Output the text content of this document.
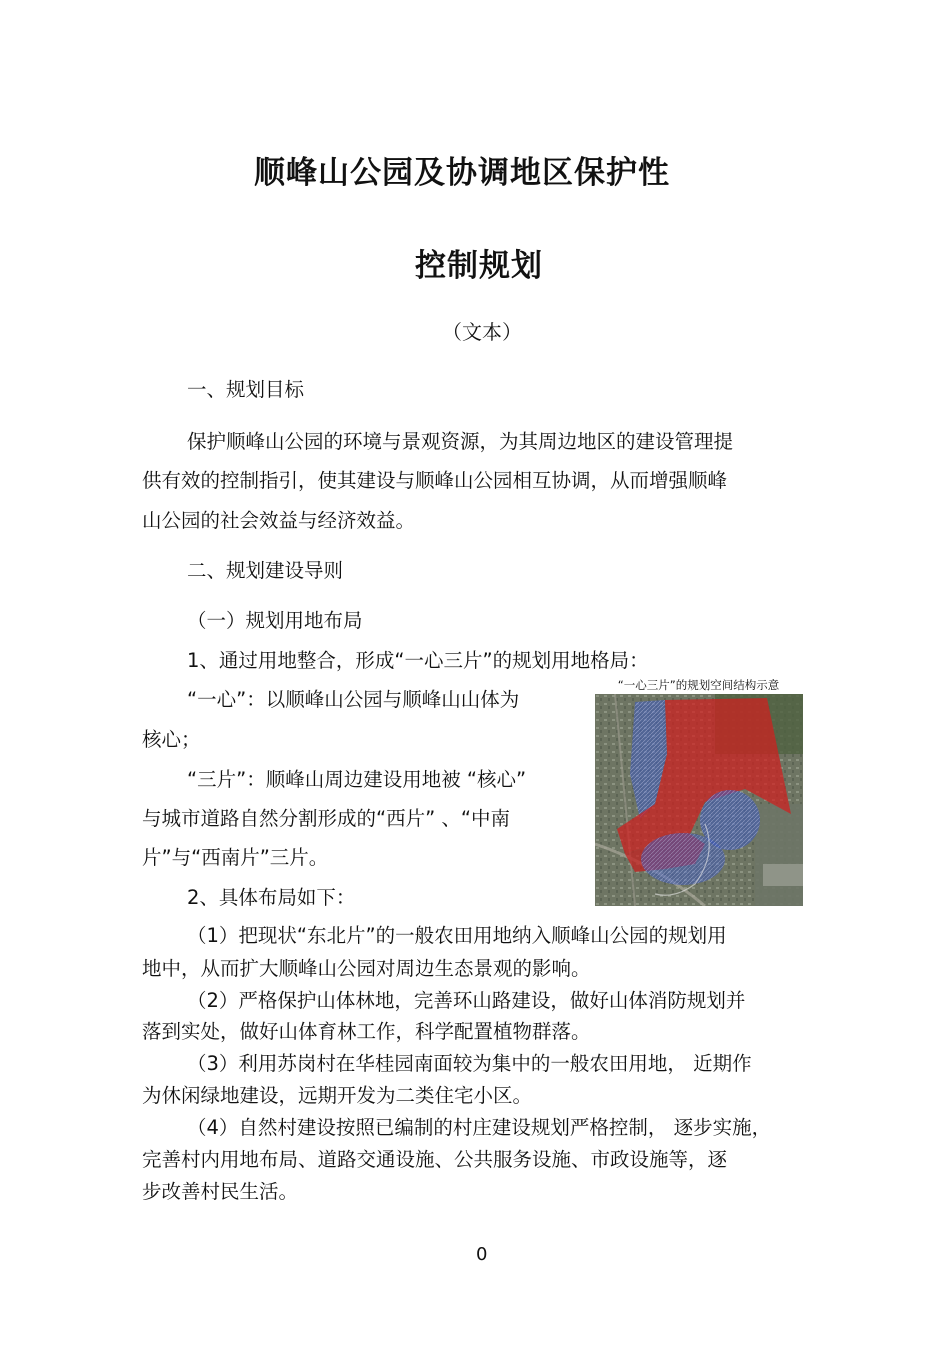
顺峰山公园及协调地区保护性
控制规划

（文本）

一、规划目标

保护顺峰山公园的环境与景观资源，为其周边地区的建设管理提

供有效的控制指引，使其建设与顺峰山公园相互协调，从而增强顺峰

山公园的社会效益与经济效益。

二、规划建设导则

（一）规划用地布局

1、通过用地整合，形成“一心三片”的规划用地格局：

“一心”：以顺峰山公园与顺峰山山体为

核心；

“三片”：顺峰山周边建设用地被 “核心”

与城市道路自然分割形成的“西片” 、“中南

片”与“西南片”三片。

2、具体布局如下：

（1）把现状“东北片”的一般农田用地纳入顺峰山公园的规划用

地中，从而扩大顺峰山公园对周边生态景观的影响。

（2）严格保护山体林地，完善环山路建设，做好山体消防规划并

落到实处，做好山体育林工作，科学配置植物群落。

（3）利用苏岗村在华桂园南面较为集中的一般农田用地， 近期作

为休闲绿地建设，远期开发为二类住宅小区。

（4）自然村建设按照已编制的村庄建设规划严格控制， 逐步实施，

完善村内用地布局、道路交通设施、公共服务设施、市政设施等，逐

步改善村民生活。

“一心三片”的规划空间结构示意

0
